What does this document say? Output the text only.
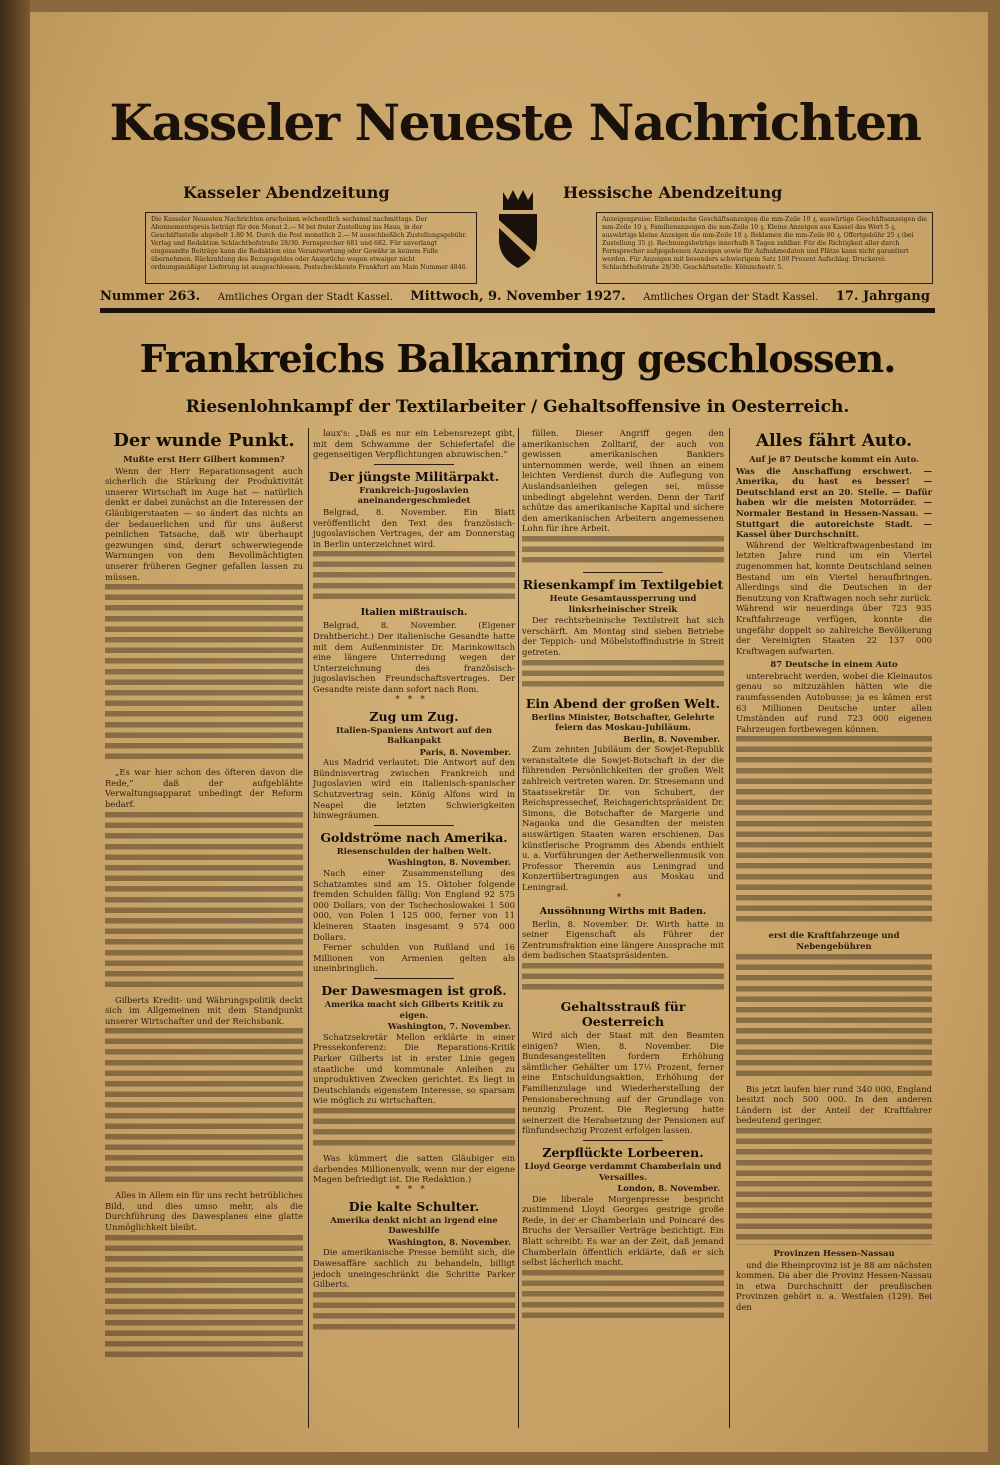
Kasseler Neueste Nachrichten
Kasseler Abendzeitung	Hessische Abendzeitung
Die Kasseler Neuesten Nachrichten erscheinen wöchentlich sechsmal nachmittags. Der Abonnementspreis beträgt für den Monat 2.— M bei freier Zustellung ins Haus, in der Geschäftsstelle abgeholt 1.80 M. Durch die Post monatlich 2.— M ausschließlich Zustellungsgebühr. Verlag und Redaktion Schlachthofstraße 28/30. Fernsprecher 681 und 682. Für unverlangt eingesandte Beiträge kann die Redaktion eine Verantwortung oder Gewähr in keinem Falle übernehmen. Rückzahlung des Bezugsgeldes oder Ansprüche wegen etwaiger nicht ordnungsmäßiger Lieferung ist ausgeschlossen. Postscheckkonto Frankfurt am Main Nummer 4846.
Anzeigenpreise: Einheimische Geschäftsanzeigen die mm-Zeile 10 ₰, auswärtige Geschäftsanzeigen die mm-Zeile 10 ₰. Familienanzeigen die mm-Zeile 10 ₰. Kleine Anzeigen aus Kassel das Wort 5 ₰, auswärtige kleine Anzeigen die mm-Zeile 10 ₰. Reklamen die mm-Zeile 80 ₰. Offertgebühr 25 ₰ (bei Zustellung 35 ₰). Rechnungsbeträge innerhalb 8 Tagen zahlbar. Für die Richtigkeit aller durch Fernsprecher aufgegebenen Anzeigen sowie für Aufnahmedaten und Plätze kann nicht garantiert werden. Für Anzeigen mit besonders schwierigem Satz 100 Prozent Aufschlag. Druckerei: Schlachthofstraße 28/30. Geschäftsstelle: Kölnischestr. 5.
Nummer 263. Amtliches Organ der Stadt Kassel. Mittwoch, 9. November 1927. Amtliches Organ der Stadt Kassel. 17. Jahrgang
Frankreichs Balkanring geschlossen.
Riesenlohnkampf der Textilarbeiter / Gehaltsoffensive in Oesterreich.
Der wunde Punkt.
Mußte erst Herr Gilbert kommen?

Wenn der Herr Reparationsagent auch sicherlich die Stärkung der Produktivität unserer Wirtschaft im Auge hat — natürlich denkt er dabei zunächst an die Interessen der Gläubigerstaaten — so ändert das nichts an der bedauerlichen und für uns äußerst peinlichen Tatsache, daß wir überhaupt gezwungen sind, derart schwerwiegende Warnungen von dem Bevollmächtigten unserer früheren Gegner gefallen lassen zu müssen.

„Es war hier schon des öfteren davon die Rede,“ daß der aufgeblähte Verwaltungsapparat unbedingt der Reform bedarf.

Gilberts Kredit- und Währungspolitik deckt sich im Allgemeinen mit dem Standpunkt unserer Wirtschafter und der Reichsbank.

Alles in Allem ein für uns recht betrübliches Bild, und dies umso mehr, als die Durchführung des Dawesplanes eine glatte Unmöglichkeit bleibt.

laux's: „Daß es nur ein Lebensrezept gibt, mit dem Schwamme der Schiefertafel die gegenseitigen Verpflichtungen abzuwischen.“

Der jüngste Militärpakt.
Frankreich-Jugoslavien aneinandergeschmiedet

Belgrad, 8. November. Ein Blatt veröffentlicht den Text des französisch-jugoslavischen Vertrages, der am Donnerstag in Berlin unterzeichnet wird.

Italien mißtrauisch.

Belgrad, 8. November. (Eigener Drahtbericht.) Der italienische Gesandte hatte mit dem Außenminister Dr. Marinkowitsch eine längere Unterredung wegen der Unterzeichnung des französisch-jugoslavischen Freundschaftsvertrages. Der Gesandte reiste dann sofort nach Rom.

***
Zug um Zug.
Italien-Spaniens Antwort auf den Balkanpakt
Paris, 8. November.

Aus Madrid verlautet: Die Antwort auf den Bündnisvertrag zwischen Frankreich und Jugoslavien wird ein italienisch-spanischer Schutzvertrag sein. König Alfons wird in Neapel die letzten Schwierigkeiten hinwegräumen.

Goldströme nach Amerika.
Riesenschulden der halben Welt.
Washington, 8. November.

Nach einer Zusammenstellung des Schatzamtes sind am 15. Oktober folgende fremden Schulden fällig: Von England 92 575 000 Dollars, von der Tschechoslowakei 1 500 000, von Polen 1 125 000, ferner von 11 kleineren Staaten insgesamt 9 574 000 Dollars.

Ferner schulden von Rußland und 16 Millionen von Armenien gelten als uneinbringlich.

Der Dawesmagen ist groß.
Amerika macht sich Gilberts Kritik zu eigen.
Washington, 7. November.

Schatzsekretär Mellon erklärte in einer Pressekonferenz: Die Reparations-Kritik Parker Gilberts ist in erster Linie gegen staatliche und kommunale Anleihen zu unproduktiven Zwecken gerichtet. Es liegt in Deutschlands eigenstem Interesse, so sparsam wie möglich zu wirtschaften.

Was kümmert die satten Gläubiger ein darbendes Millionenvolk, wenn nur der eigene Magen befriedigt ist. Die Redaktion.)

***
Die kalte Schulter.
Amerika denkt nicht an irgend eine Daweshilfe
Washington, 8. November.

Die amerikanische Presse bemüht sich, die Dawesaffäre sachlich zu behandeln, billigt jedoch uneingeschränkt die Schritte Parker Gilberts.

füllen. Dieser Angriff gegen den amerikanischen Zolltarif, der auch von gewissen amerikanischen Bankiers unternommen werde, weil ihnen an einem leichten Verdienst durch die Auflegung von Auslandsanleihen gelegen sei, müsse unbedingt abgelehnt werden. Denn der Tarif schütze das amerikanische Kapital und sichere den amerikanischen Arbeitern angemessenen Lohn für ihre Arbeit.

Riesenkampf im Textilgebiet
Heute Gesamtaussperrung und linksrheinischer Streik

Der rechtsrheinische Textilstreit hat sich verschärft. Am Montag sind sieben Betriebe der Teppich- und Möbelstoffindustrie in Streit getreten.

Ein Abend der großen Welt.
Berlins Minister, Botschafter, Gelehrte feiern das Moskau-Jubiläum.
Berlin, 8. November.

Zum zehnten Jubiläum der Sowjet-Republik veranstaltete die Sowjet-Botschaft in der die führenden Persönlichkeiten der großen Welt zahlreich vertreten waren. Dr. Stresemann und Staatssekretär Dr. von Schubert, der Reichspressechef, Reichsgerichtspräsident Dr. Simons, die Botschafter de Margerie und Nagaoka und die Gesandten der meisten auswärtigen Staaten waren erschienen. Das künstlerische Programm des Abends enthielt u. a. Vorführungen der Aetherwellenmusik von Professor Theremin aus Leningrad und Konzertübertragungen aus Moskau und Leningrad.

*
Aussöhnung Wirths mit Baden.

Berlin, 8. November. Dr. Wirth hatte in seiner Eigenschaft als Führer der Zentrumsfraktion eine längere Aussprache mit dem badischen Staatspräsidenten.

Gehaltsstrauß für Oesterreich

Wird sich der Staat mit den Beamten einigen? Wien, 8. November. Die Bundesangestellten fordern Erhöhung sämtlicher Gehälter um 17½ Prozent, ferner eine Entschuldungsaktion, Erhöhung der Familienzulage und Wiederherstellung der Pensionsberechnung auf der Grundlage von neunzig Prozent. Die Regierung hatte seinerzeit die Herabsetzung der Pensionen auf fünfundsechzig Prozent erfolgen lassen.

Zerpflückte Lorbeeren.
Lloyd George verdammt Chamberlain und Versailles.
London, 8. November.

Die liberale Morgenpresse bespricht zustimmend Lloyd Georges gestrige große Rede, in der er Chamberlain und Poincaré des Bruchs der Versailler Verträge bezichtigt. Ein Blatt schreibt: Es war an der Zeit, daß jemand Chamberlain öffentlich erklärte, daß er sich selbst lächerlich macht.

Alles fährt Auto.
Auf je 87 Deutsche kommt ein Auto.

Was die Anschaffung erschwert. — Amerika, du hast es besser! — Deutschland erst an 20. Stelle. — Dafür haben wir die meisten Motorräder. — Normaler Bestand in Hessen-Nassau. — Stuttgart die autoreichste Stadt. — Kassel über Durchschnitt.

Während der Weltkraftwagenbestand im letzten Jahre rund um ein Viertel zugenommen hat, konnte Deutschland seinen Bestand um ein Viertel heraufbringen. Allerdings sind die Deutschen in der Benutzung von Kraftwagen noch sehr zurück. Während wir neuerdings über 723 935 Kraftfahrzeuge verfügen, konnte die ungefähr doppelt so zahlreiche Bevölkerung der Vereinigten Staaten 22 137 000 Kraftwagen aufwarten.

87 Deutsche in einem Auto

unterebracht werden, wobei die Kleinautos genau so mitzuzählen hätten wie die raumfassenden Autobusse; ja es kämen erst 63 Millionen Deutsche unter allen Umständen auf rund 723 000 eigenen Fahrzeugen fortbewegen können.

erst die Kraftfahrzeuge und Nebengebühren

Bis jetzt laufen hier rund 340 000, England besitzt noch 500 000. In den anderen Ländern ist der Anteil der Kraftfahrer bedeutend geringer.

Provinzen Hessen-Nassau

und die Rheinprovinz ist je 88 am nächsten kommen. Da aber die Provinz Hessen-Nassau in etwa Durchschnitt der preußischen Provinzen gehört u. a. Westfalen (129). Bei den
